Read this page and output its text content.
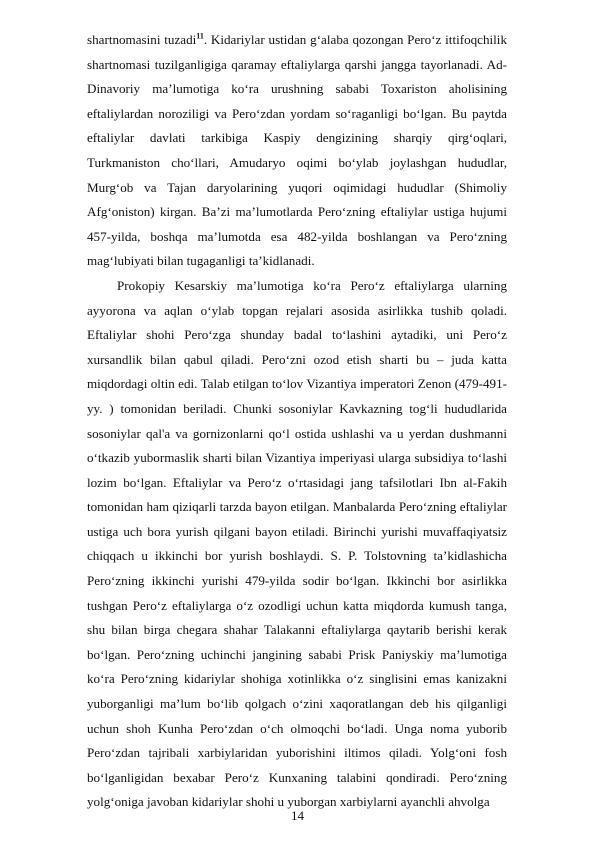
shartnomasini tuzadi$^{11}$. Kidariylar ustidan g‘alaba qozongan Pero‘z ittifoqchilik shartnomasi tuzilganligiga qaramay eftaliylarga qarshi jangga tayorlanadi. Ad-Dinavoriy ma’lumotiga ko‘ra urushning sababi Toxariston aholisining eftaliylardan noroziligi va Pero‘zdan yordam so‘raganligi bo‘lgan. Bu paytda eftaliylar davlati tarkibiga Kaspiy dengizining sharqiy qirg‘oqlari, Turkmaniston cho‘llari, Amudaryo oqimi bo‘ylab joylashgan hududlar, Murg‘ob va Tajan daryolarining yuqori oqimidagi hududlar (Shimoliy Afg‘oniston) kirgan. Ba’zi ma’lumotlarda Pero‘zning eftaliylar ustiga hujumi 457-yilda, boshqa ma’lumotda esa 482-yilda boshlangan va Pero‘zning mag‘lubiyati bilan tugaganligi ta’kidlanadi.

Prokopiy Kesarskiy ma’lumotiga ko‘ra Pero‘z eftaliylarga ularning ayyorona va aqlan o‘ylab topgan rejalari asosida asirlikka tushib qoladi. Eftaliylar shohi Pero‘zga shunday badal to‘lashini aytadiki, uni Pero‘z xursandlik bilan qabul qiladi. Pero‘zni ozod etish sharti bu – juda katta miqdordagi oltin edi. Talab etilgan to‘lov Vizantiya imperatori Zenon (479-491-yy. ) tomonidan beriladi. Chunki sosoniylar Kavkazning tog‘li hududlarida sosoniylar qal'a va gornizonlarni qo‘l ostida ushlashi va u yerdan dushmanni o‘tkazib yubormaslik sharti bilan Vizantiya imperiyasi ularga subsidiya to‘lashi lozim bo‘lgan. Eftaliylar va Pero‘z o‘rtasidagi jang tafsilotlari Ibn al-Fakih tomonidan ham qiziqarli tarzda bayon etilgan. Manbalarda Pero‘zning eftaliylar ustiga uch bora yurish qilgani bayon etiladi. Birinchi yurishi muvaffaqiyatsiz chiqqach u ikkinchi bor yurish boshlaydi. S. P. Tolstovning ta’kidlashicha Pero‘zning ikkinchi yurishi 479-yilda sodir bo‘lgan. Ikkinchi bor asirlikka tushgan Pero‘z eftaliylarga o‘z ozodligi uchun katta miqdorda kumush tanga, shu bilan birga chegara shahar Talakanni eftaliylarga qaytarib berishi kerak bo‘lgan. Pero‘zning uchinchi jangining sababi Prisk Paniyskiy ma’lumotiga ko‘ra Pero‘zning kidariylar shohiga xotinlikka o‘z singlisini emas kanizakni yuborganligi ma’lum bo‘lib qolgach o‘zini xaqoratlangan deb his qilganligi uchun shoh Kunha Pero‘zdan o‘ch olmoqchi bo‘ladi. Unga noma yuborib Pero‘zdan tajribali xarbiylaridan yuborishini iltimos qiladi. Yolg‘oni fosh bo‘lganligidan bexabar Pero‘z Kunxaning talabini qondiradi. Pero‘zning yolg‘oniga javoban kidariylar shohi u yuborgan xarbiylarni ayanchli ahvolga

14
